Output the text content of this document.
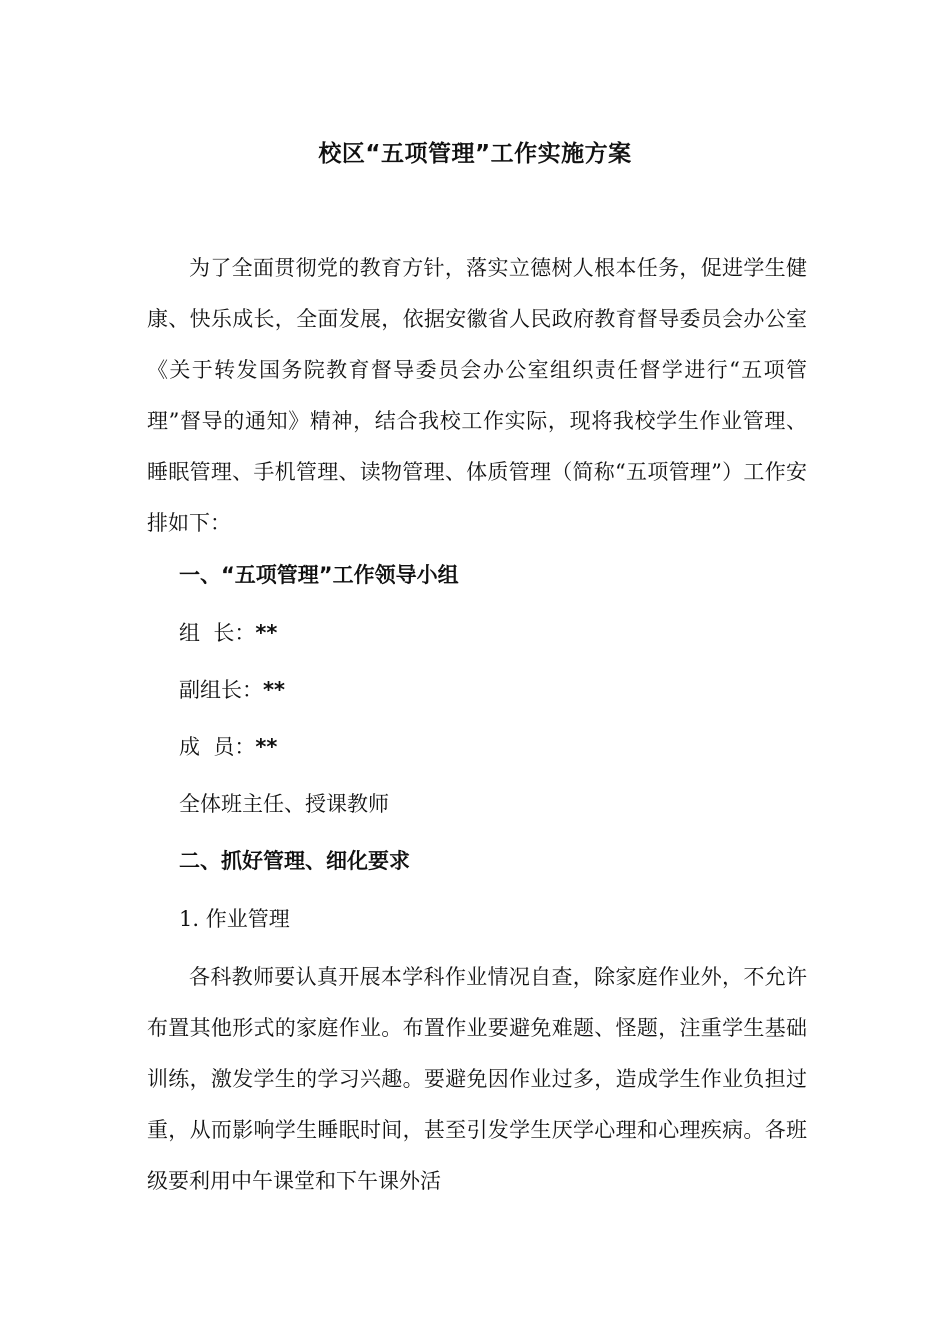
校区“五项管理”工作实施方案

为了全面贯彻党的教育方针，落实立德树人根本任务，促进学生健康、快乐成长，全面发展，依据安徽省人民政府教育督导委员会办公室《关于转发国务院教育督导委员会办公室组织责任督学进行“五项管理”督导的通知》精神，结合我校工作实际，现将我校学生作业管理、睡眠管理、手机管理、读物管理、体质管理（简称“五项管理”）工作安排如下：

一、“五项管理”工作领导小组
组  长：**
副组长：**
成  员：**
全体班主任、授课教师
二、抓好管理、细化要求
1. 作业管理

各科教师要认真开展本学科作业情况自查，除家庭作业外，不允许布置其他形式的家庭作业。布置作业要避免难题、怪题，注重学生基础训练，激发学生的学习兴趣。要避免因作业过多，造成学生作业负担过重，从而影响学生睡眠时间，甚至引发学生厌学心理和心理疾病。各班级要利用中午课堂和下午课外活
